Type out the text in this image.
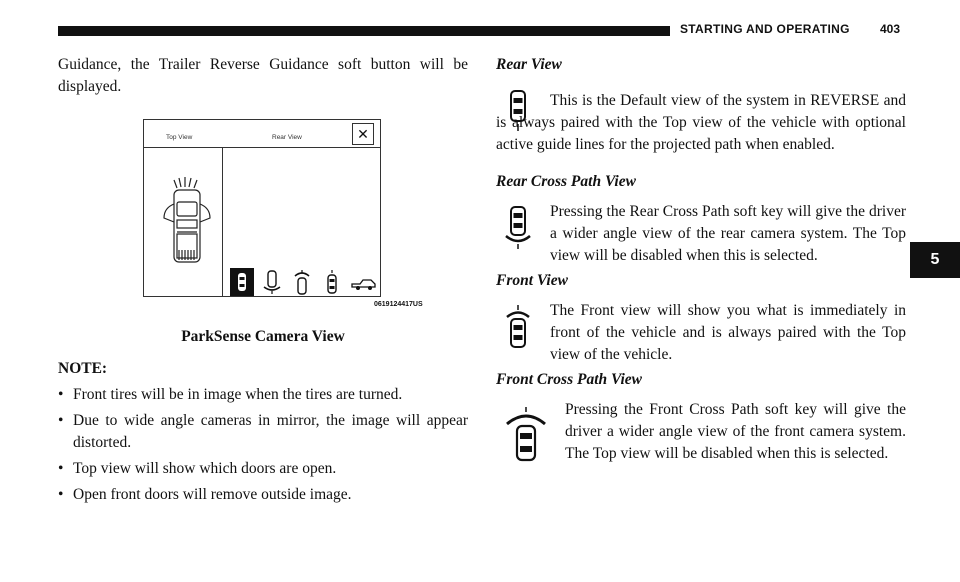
STARTING AND OPERATING	403
5

Guidance, the Trailer Reverse Guidance soft button will be displayed.

Top View	Rear View	✕
0619124417US
ParkSense Camera View
NOTE:
• Front tires will be in image when the tires are turned.
• Due to wide angle cameras in mirror, the image will appear distorted.
• Top view will show which doors are open.
• Open front doors will remove outside image.
Rear View
This is the Default view of the system in REVERSE and is always paired with the Top view of the vehicle with optional active guide lines for the projected path when enabled.
Rear Cross Path View
Pressing the Rear Cross Path soft key will give the driver a wider angle view of the rear camera system. The Top view will be disabled when this is selected.
Front View
The Front view will show you what is immediately in front of the vehicle and is always paired with the Top view of the vehicle.
Front Cross Path View
Pressing the Front Cross Path soft key will give the driver a wider angle view of the front camera system. The Top view will be disabled when this is selected.
